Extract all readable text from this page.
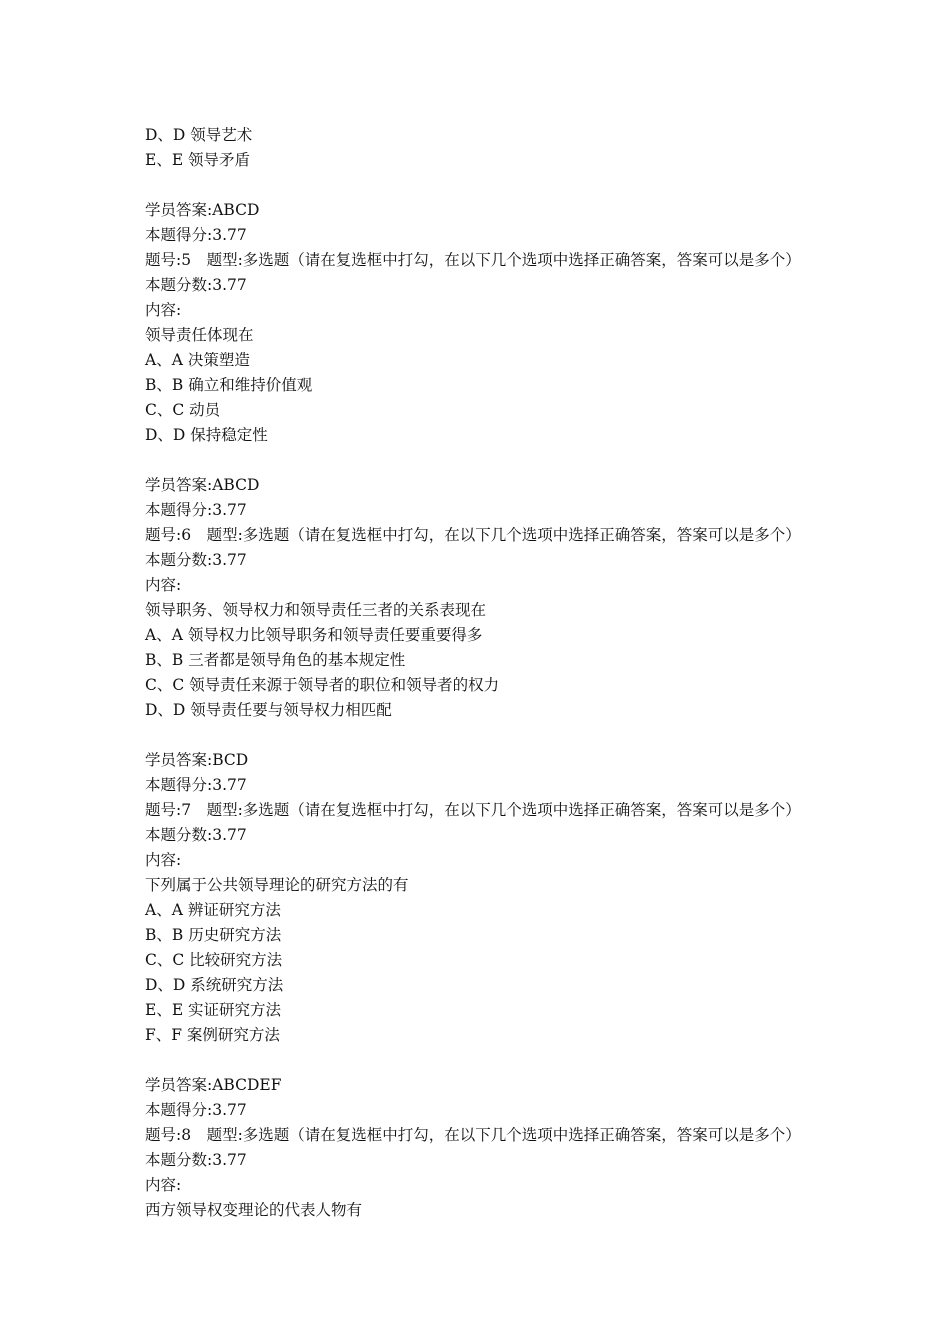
D、D 领导艺术
E、E 领导矛盾
学员答案:ABCD
本题得分:3.77
题号:5　题型:多选题（请在复选框中打勾，在以下几个选项中选择正确答案，答案可以是多个）　本题分数:3.77
内容:
领导责任体现在
A、A 决策塑造
B、B 确立和维持价值观
C、C 动员
D、D 保持稳定性
学员答案:ABCD
本题得分:3.77
题号:6　题型:多选题（请在复选框中打勾，在以下几个选项中选择正确答案，答案可以是多个）　本题分数:3.77
内容:
领导职务、领导权力和领导责任三者的关系表现在
A、A 领导权力比领导职务和领导责任要重要得多
B、B 三者都是领导角色的基本规定性
C、C 领导责任来源于领导者的职位和领导者的权力
D、D 领导责任要与领导权力相匹配
学员答案:BCD
本题得分:3.77
题号:7　题型:多选题（请在复选框中打勾，在以下几个选项中选择正确答案，答案可以是多个）　本题分数:3.77
内容:
下列属于公共领导理论的研究方法的有
A、A 辨证研究方法
B、B 历史研究方法
C、C 比较研究方法
D、D 系统研究方法
E、E 实证研究方法
F、F 案例研究方法
学员答案:ABCDEF
本题得分:3.77
题号:8　题型:多选题（请在复选框中打勾，在以下几个选项中选择正确答案，答案可以是多个）　本题分数:3.77
内容:
西方领导权变理论的代表人物有
